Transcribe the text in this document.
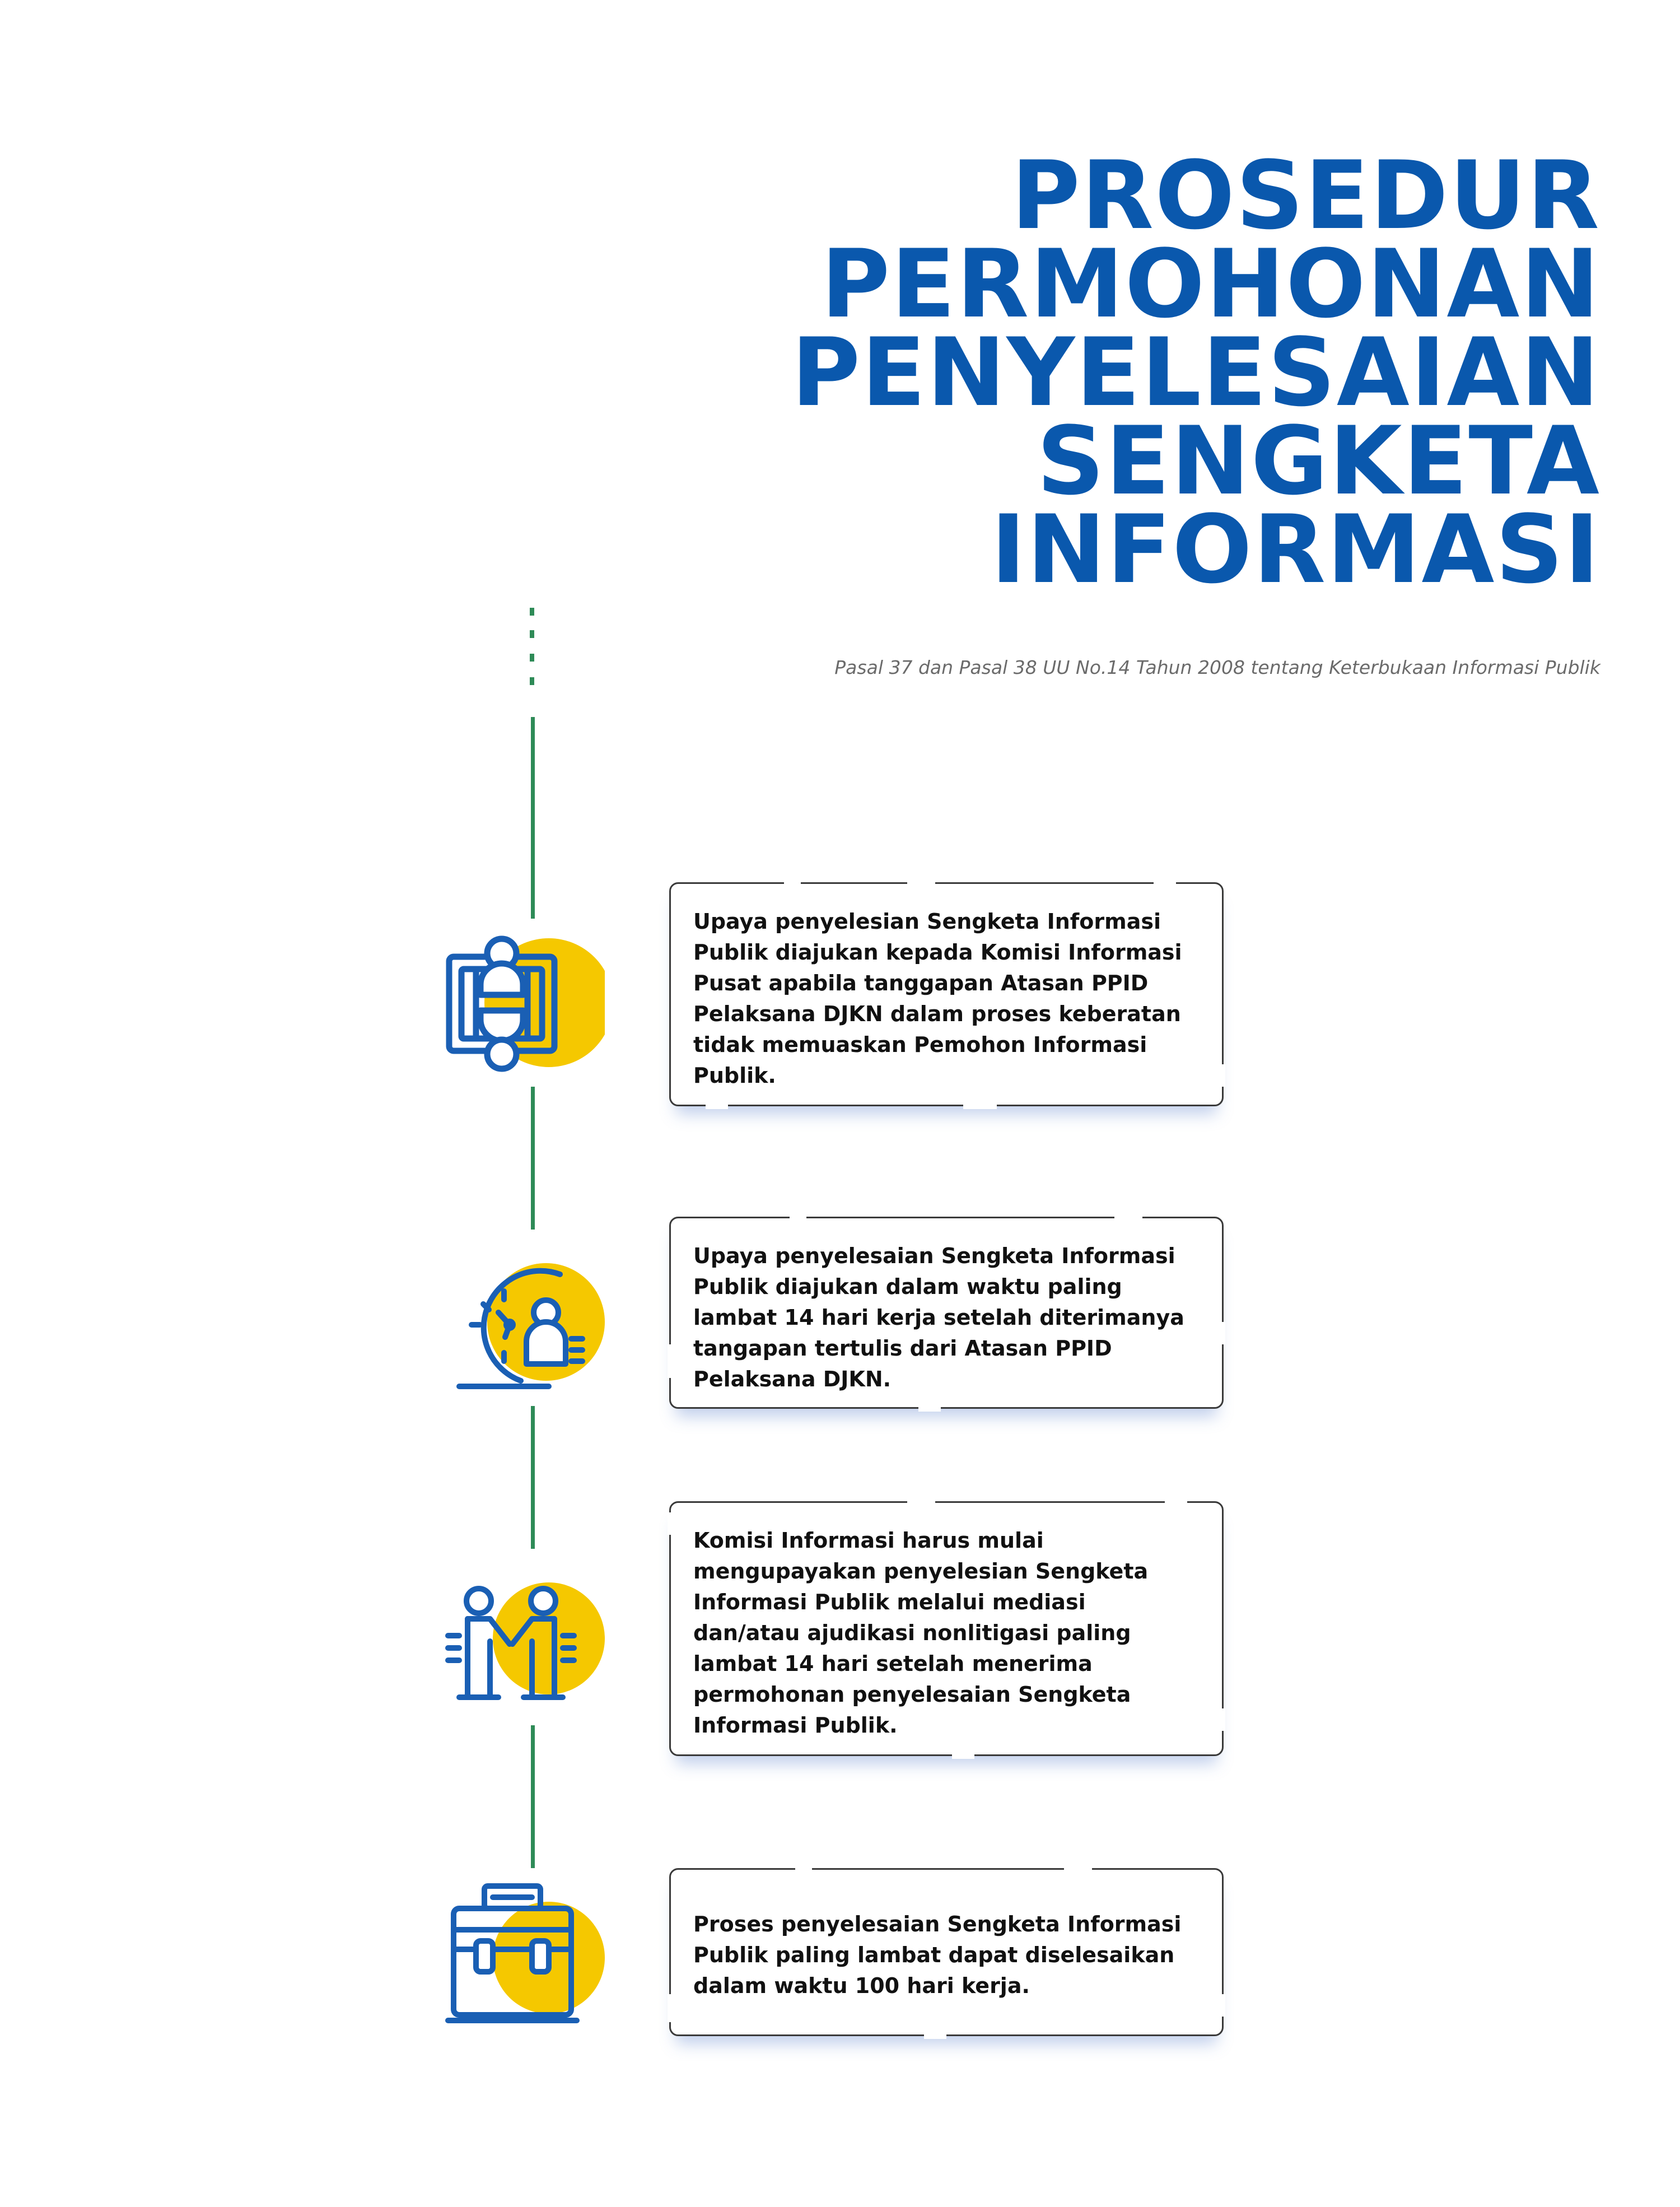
PROSEDUR
PERMOHONAN
PENYELESAIAN
SENGKETA
INFORMASI
Pasal 37 dan Pasal 38 UU No.14 Tahun 2008 tentang Keterbukaan Informasi Publik
Upaya penyelesian Sengketa Informasi Publik diajukan kepada Komisi Informasi Pusat apabila tanggapan Atasan PPID Pelaksana DJKN dalam proses keberatan tidak memuaskan Pemohon Informasi Publik.
Upaya penyelesaian Sengketa Informasi Publik diajukan dalam waktu paling lambat 14 hari kerja setelah diterimanya tangapan tertulis dari Atasan PPID Pelaksana DJKN.
Komisi Informasi harus mulai mengupayakan penyelesian Sengketa Informasi Publik melalui mediasi dan/atau ajudikasi nonlitigasi paling lambat 14 hari setelah menerima permohonan penyelesaian Sengketa Informasi Publik.
Proses penyelesaian Sengketa Informasi Publik paling lambat dapat diselesaikan dalam waktu 100 hari kerja.
